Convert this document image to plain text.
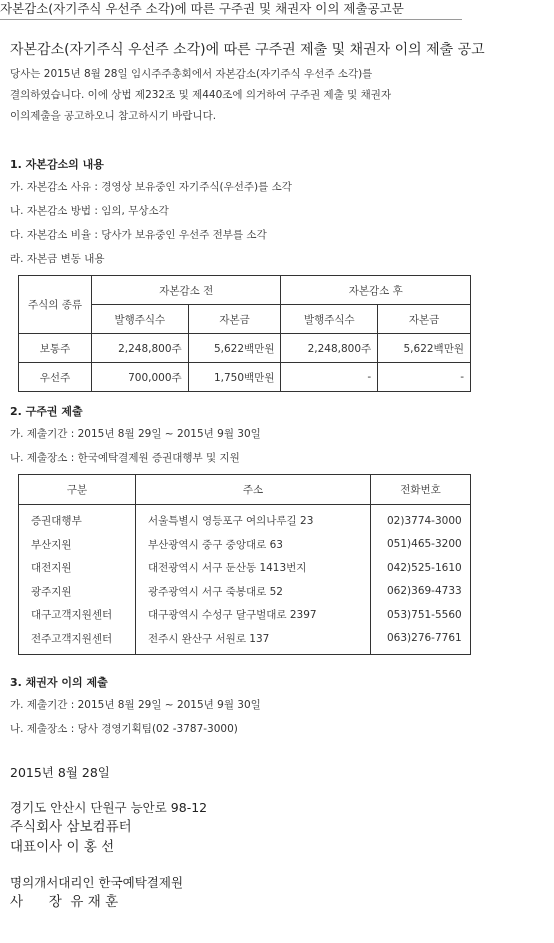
자본감소(자기주식 우선주 소각)에 따른 구주권 및 채권자 이의 제출공고문
자본감소(자기주식 우선주 소각)에 따른 구주권 제출 및 채권자 이의 제출 공고
당사는 2015년 8월 28일 임시주주총회에서 자본감소(자기주식 우선주 소각)를
결의하였습니다. 이에 상법 제232조 및 제440조에 의거하여 구주권 제출 및 채권자
이의제출을 공고하오니 참고하시기 바랍니다.
1. 자본감소의 내용
가. 자본감소 사유 : 경영상 보유중인 자기주식(우선주)를 소각
나. 자본감소 방법 : 임의, 무상소각
다. 자본감소 비율 : 당사가 보유중인 우선주 전부를 소각
라. 자본금 변동 내용
주식의 종류	자본감소 전		자본감소 후	
	발행주식수	자본금	발행주식수	자본금
보통주	2,248,800주	5,622백만원	2,248,800주	5,622백만원
우선주	700,000주	1,750백만원	-	-
2. 구주권 제출
가. 제출기간 : 2015년 8월 29일 ~ 2015년 9월 30일
나. 제출장소 : 한국예탁결제원 증권대행부 및 지원
구분	주소	전화번호
증권대행부	서울특별시 영등포구 여의나루길 23	02)3774-3000
부산지원	부산광역시 중구 중앙대로 63	051)465-3200
대전지원	대전광역시 서구 둔산동 1413번지	042)525-1610
광주지원	광주광역시 서구 죽봉대로 52	062)369-4733
대구고객지원센터	대구광역시 수성구 달구벌대로 2397	053)751-5560
전주고객지원센터	전주시 완산구 서원로 137	063)276-7761
3. 채권자 이의 제출
가. 제출기간 : 2015년 8월 29일 ~ 2015년 9월 30일
나. 제출장소 : 당사 경영기획팀(02 -3787-3000)
2015년 8월 28일
경기도 안산시 단원구 능안로 98-12
주식회사 삼보컴퓨터
대표이사 이 홍 선
명의개서대리인 한국예탁결제원
사      장  유 재 훈
